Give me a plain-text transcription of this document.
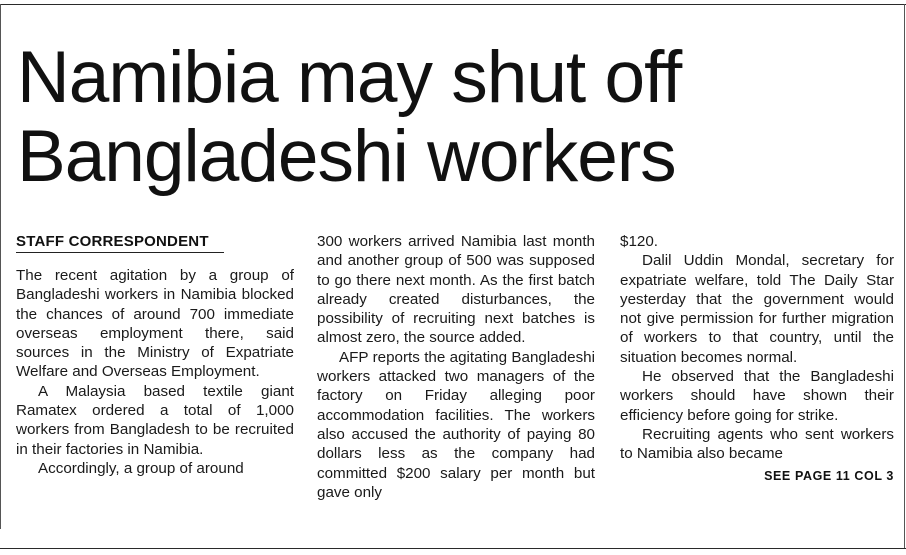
Namibia may shut off Bangladeshi workers
STAFF CORRESPONDENT

The recent agitation by a group of Bangladeshi workers in Namibia blocked the chances of around 700 immediate overseas employment there, said sources in the Ministry of Expatriate Welfare and Overseas Employment.

A Malaysia based textile giant Ramatex ordered a total of 1,000 workers from Bangladesh to be recruited in their factories in Namibia.

Accordingly, a group of around

300 workers arrived Namibia last month and another group of 500 was supposed to go there next month. As the first batch already created disturbances, the possibility of recruiting next batches is almost zero, the source added.

AFP reports the agitating Bangladeshi workers attacked two managers of the factory on Friday alleging poor accommodation facilities. The workers also accused the authority of paying 80 dollars less as the company had committed $200 salary per month but gave only

$120.

Dalil Uddin Mondal, secretary for expatriate welfare, told The Daily Star yesterday that the government would not give permission for further migration of workers to that country, until the situation becomes normal.

He observed that the Bangladeshi workers should have shown their efficiency before going for strike.

Recruiting agents who sent workers to Namibia also became

SEE PAGE 11 COL 3
